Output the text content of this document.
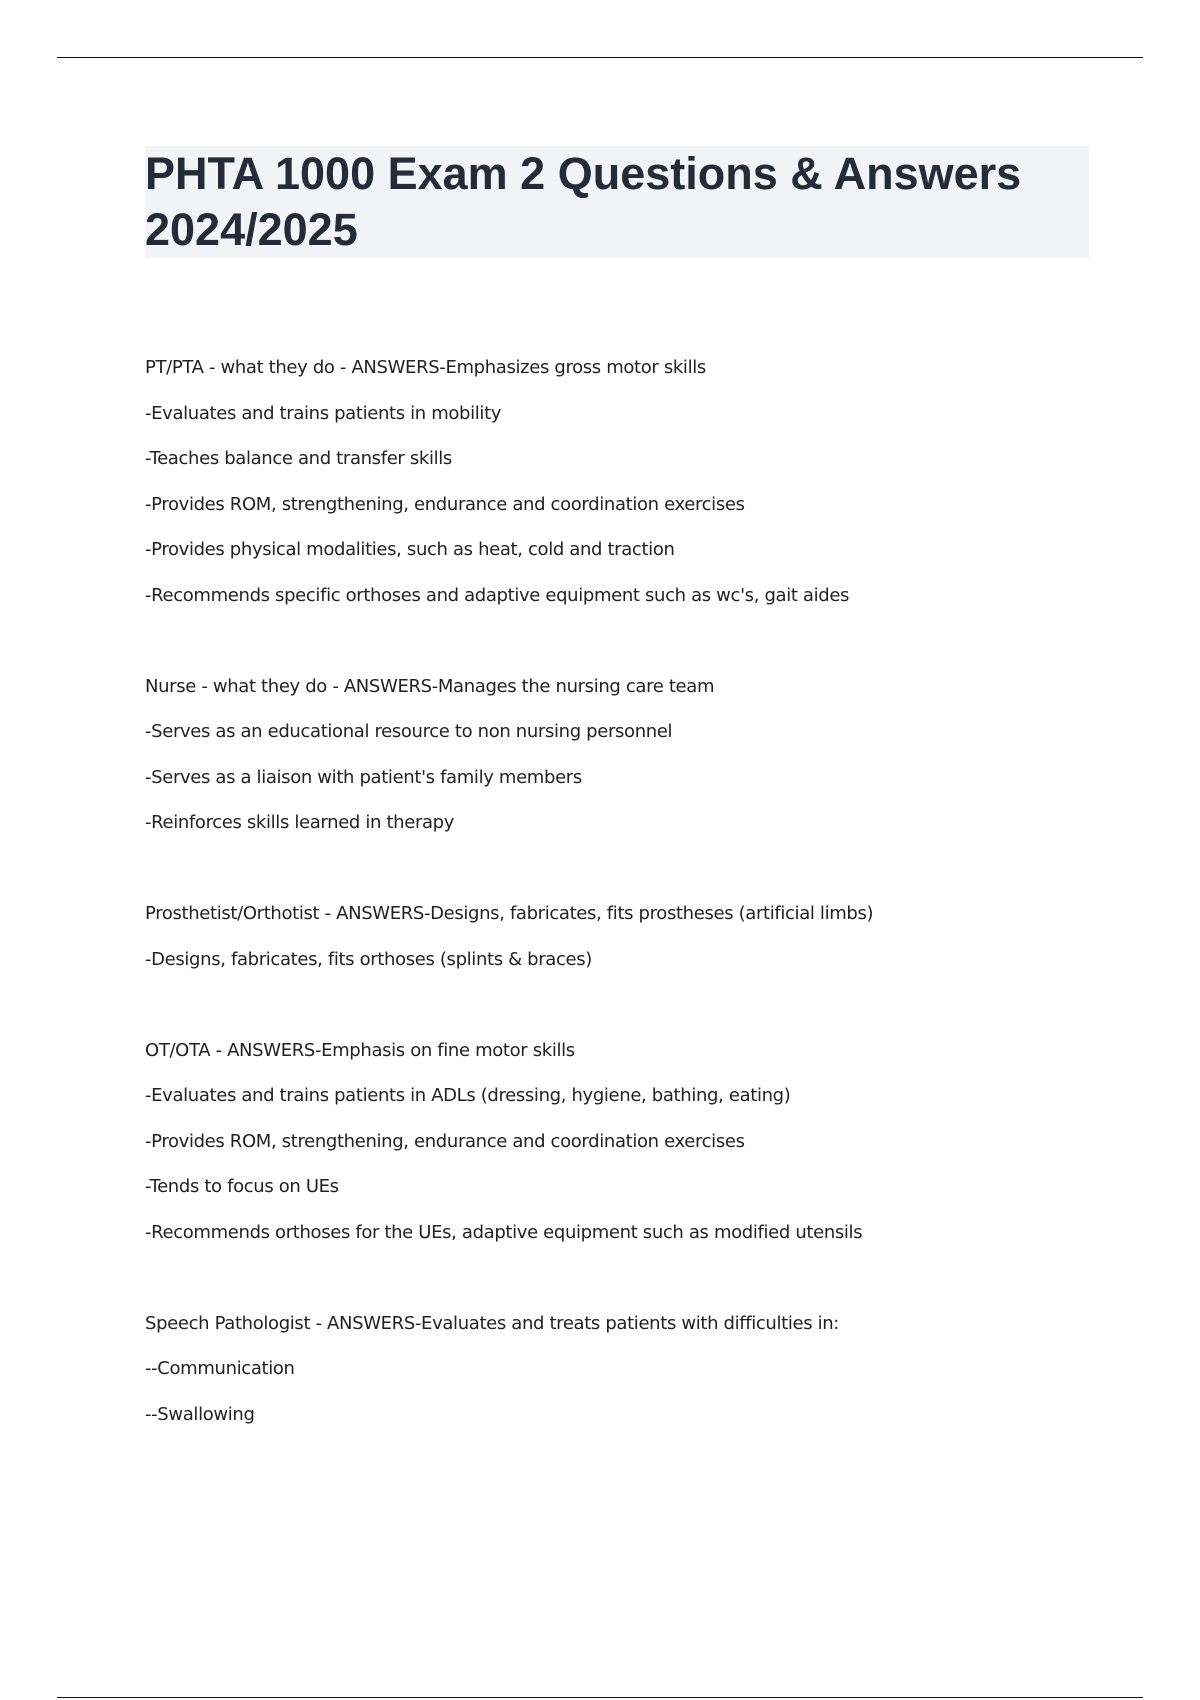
PHTA 1000 Exam 2 Questions & Answers 2024/2025
PT/PTA - what they do - ANSWERS-Emphasizes gross motor skills
-Evaluates and trains patients in mobility
-Teaches balance and transfer skills
-Provides ROM, strengthening, endurance and coordination exercises
-Provides physical modalities, such as heat, cold and traction
-Recommends specific orthoses and adaptive equipment such as wc's, gait aides
Nurse - what they do - ANSWERS-Manages the nursing care team
-Serves as an educational resource to non nursing personnel
-Serves as a liaison with patient's family members
-Reinforces skills learned in therapy
Prosthetist/Orthotist - ANSWERS-Designs, fabricates, fits prostheses (artificial limbs)
-Designs, fabricates, fits orthoses (splints & braces)
OT/OTA - ANSWERS-Emphasis on fine motor skills
-Evaluates and trains patients in ADLs (dressing, hygiene, bathing, eating)
-Provides ROM, strengthening, endurance and coordination exercises
-Tends to focus on UEs
-Recommends orthoses for the UEs, adaptive equipment such as modified utensils
Speech Pathologist - ANSWERS-Evaluates and treats patients with difficulties in:
--Communication
--Swallowing
